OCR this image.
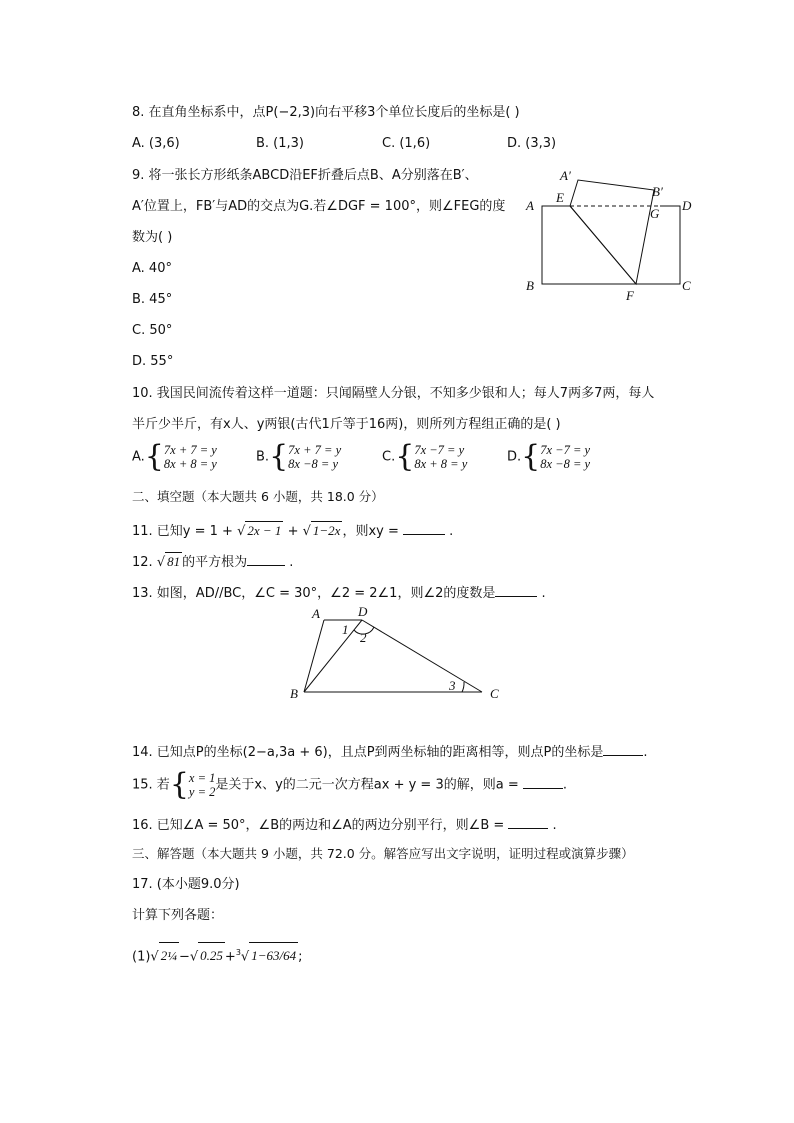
8. 在直角坐标系中，点P(−2,3)向右平移3个单位长度后的坐标是( )
A. (3,6)	B. (1,3)	C. (1,6)	D. (3,3)
9. 将一张长方形纸条ABCD沿EF折叠后点B、A分别落在B′、
A′位置上，FB′与AD的交点为G.若∠DGF = 100°，则∠FEG的度
数为( )
A. 40°
B. 45°
C. 50°
D. 55°
A′
B′
A
E
G
D
B
F
C
10. 我国民间流传着这样一道题：只闻隔壁人分银，不知多少银和人；每人7两多7两，每人
半斤少半斤，有x人、y两银(古代1斤等于16两)，则所列方程组正确的是( )
A.{7x + 7 = y
8x + 8 = y	B.{7x + 7 = y
8x −8 = y	C.{7x −7 = y
8x + 8 = y	D.{7x −7 = y
8x −8 = y
二、填空题（本大题共 6 小题，共 18.0 分）
11. 已知y = 1 + √ 2x − 1 + √ 1−2x ，则xy =	.
12. √ 81 的平方根为	.
13. 如图，AD//BC，∠C = 30°，∠2 = 2∠1，则∠2的度数是	.
A	D
1
2
B
3
C
14. 已知点P的坐标(2−a,3a + 6)，且点P到两坐标轴的距离相等，则点P的坐标是	.
15. 若{x = 1
y = 2是关于x、y的二元一次方程ax + y = 3的解，则a =	.
16. 已知∠A = 50°，∠B的两边和∠A的两边分别平行，则∠B =	.
三、解答题（本大题共 9 小题，共 72.0 分。解答应写出文字说明，证明过程或演算步骤）
17. (本小题9.0分)
计算下列各题：
(1)√ 2¼ −√ 0.25 +$^3$√ 1−63/64 ;
